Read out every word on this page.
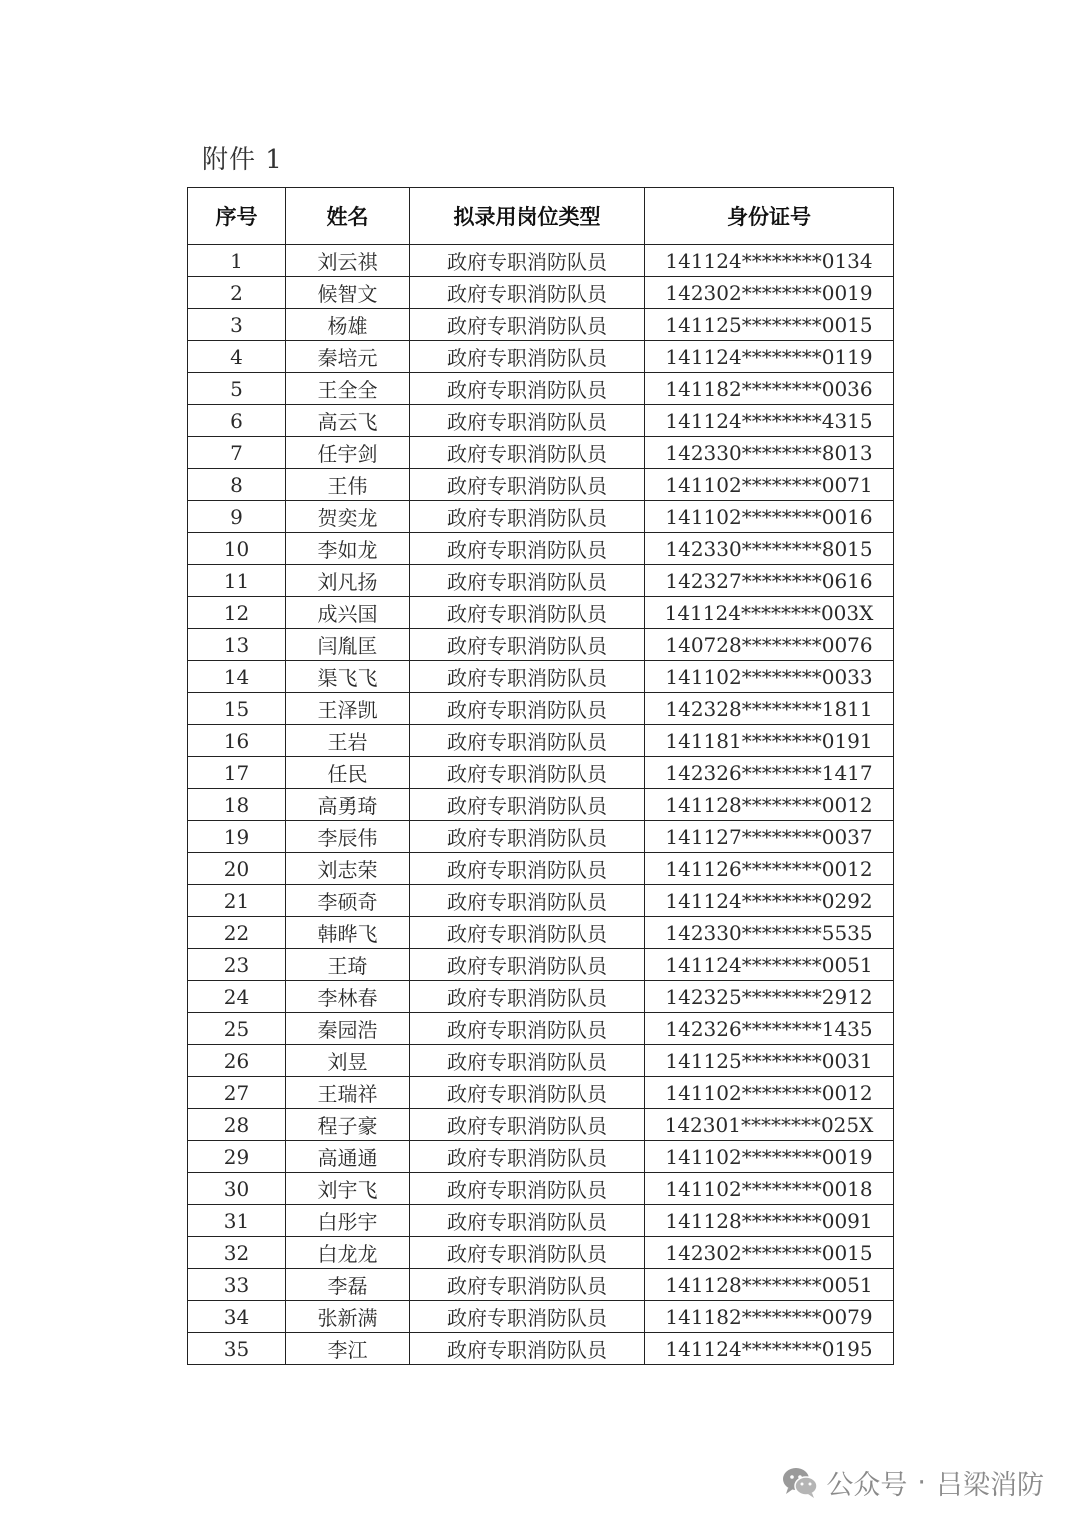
附件 1
序号	姓名	拟录用岗位类型	身份证号
1	刘云祺	政府专职消防队员	141124********0134
2	候智文	政府专职消防队员	142302********0019
3	杨雄	政府专职消防队员	141125********0015
4	秦培元	政府专职消防队员	141124********0119
5	王全全	政府专职消防队员	141182********0036
6	高云飞	政府专职消防队员	141124********4315
7	任宇剑	政府专职消防队员	142330********8013
8	王伟	政府专职消防队员	141102********0071
9	贺奕龙	政府专职消防队员	141102********0016
10	李如龙	政府专职消防队员	142330********8015
11	刘凡扬	政府专职消防队员	142327********0616
12	成兴国	政府专职消防队员	141124********003X
13	闫胤匡	政府专职消防队员	140728********0076
14	渠飞飞	政府专职消防队员	141102********0033
15	王泽凯	政府专职消防队员	142328********1811
16	王岩	政府专职消防队员	141181********0191
17	任民	政府专职消防队员	142326********1417
18	高勇琦	政府专职消防队员	141128********0012
19	李辰伟	政府专职消防队员	141127********0037
20	刘志荣	政府专职消防队员	141126********0012
21	李硕奇	政府专职消防队员	141124********0292
22	韩晔飞	政府专职消防队员	142330********5535
23	王琦	政府专职消防队员	141124********0051
24	李林春	政府专职消防队员	142325********2912
25	秦园浩	政府专职消防队员	142326********1435
26	刘昱	政府专职消防队员	141125********0031
27	王瑞祥	政府专职消防队员	141102********0012
28	程子豪	政府专职消防队员	142301********025X
29	高通通	政府专职消防队员	141102********0019
30	刘宇飞	政府专职消防队员	141102********0018
31	白彤宇	政府专职消防队员	141128********0091
32	白龙龙	政府专职消防队员	142302********0015
33	李磊	政府专职消防队员	141128********0051
34	张新满	政府专职消防队员	141182********0079
35	李江	政府专职消防队员	141124********0195
公众号 · 吕梁消防
